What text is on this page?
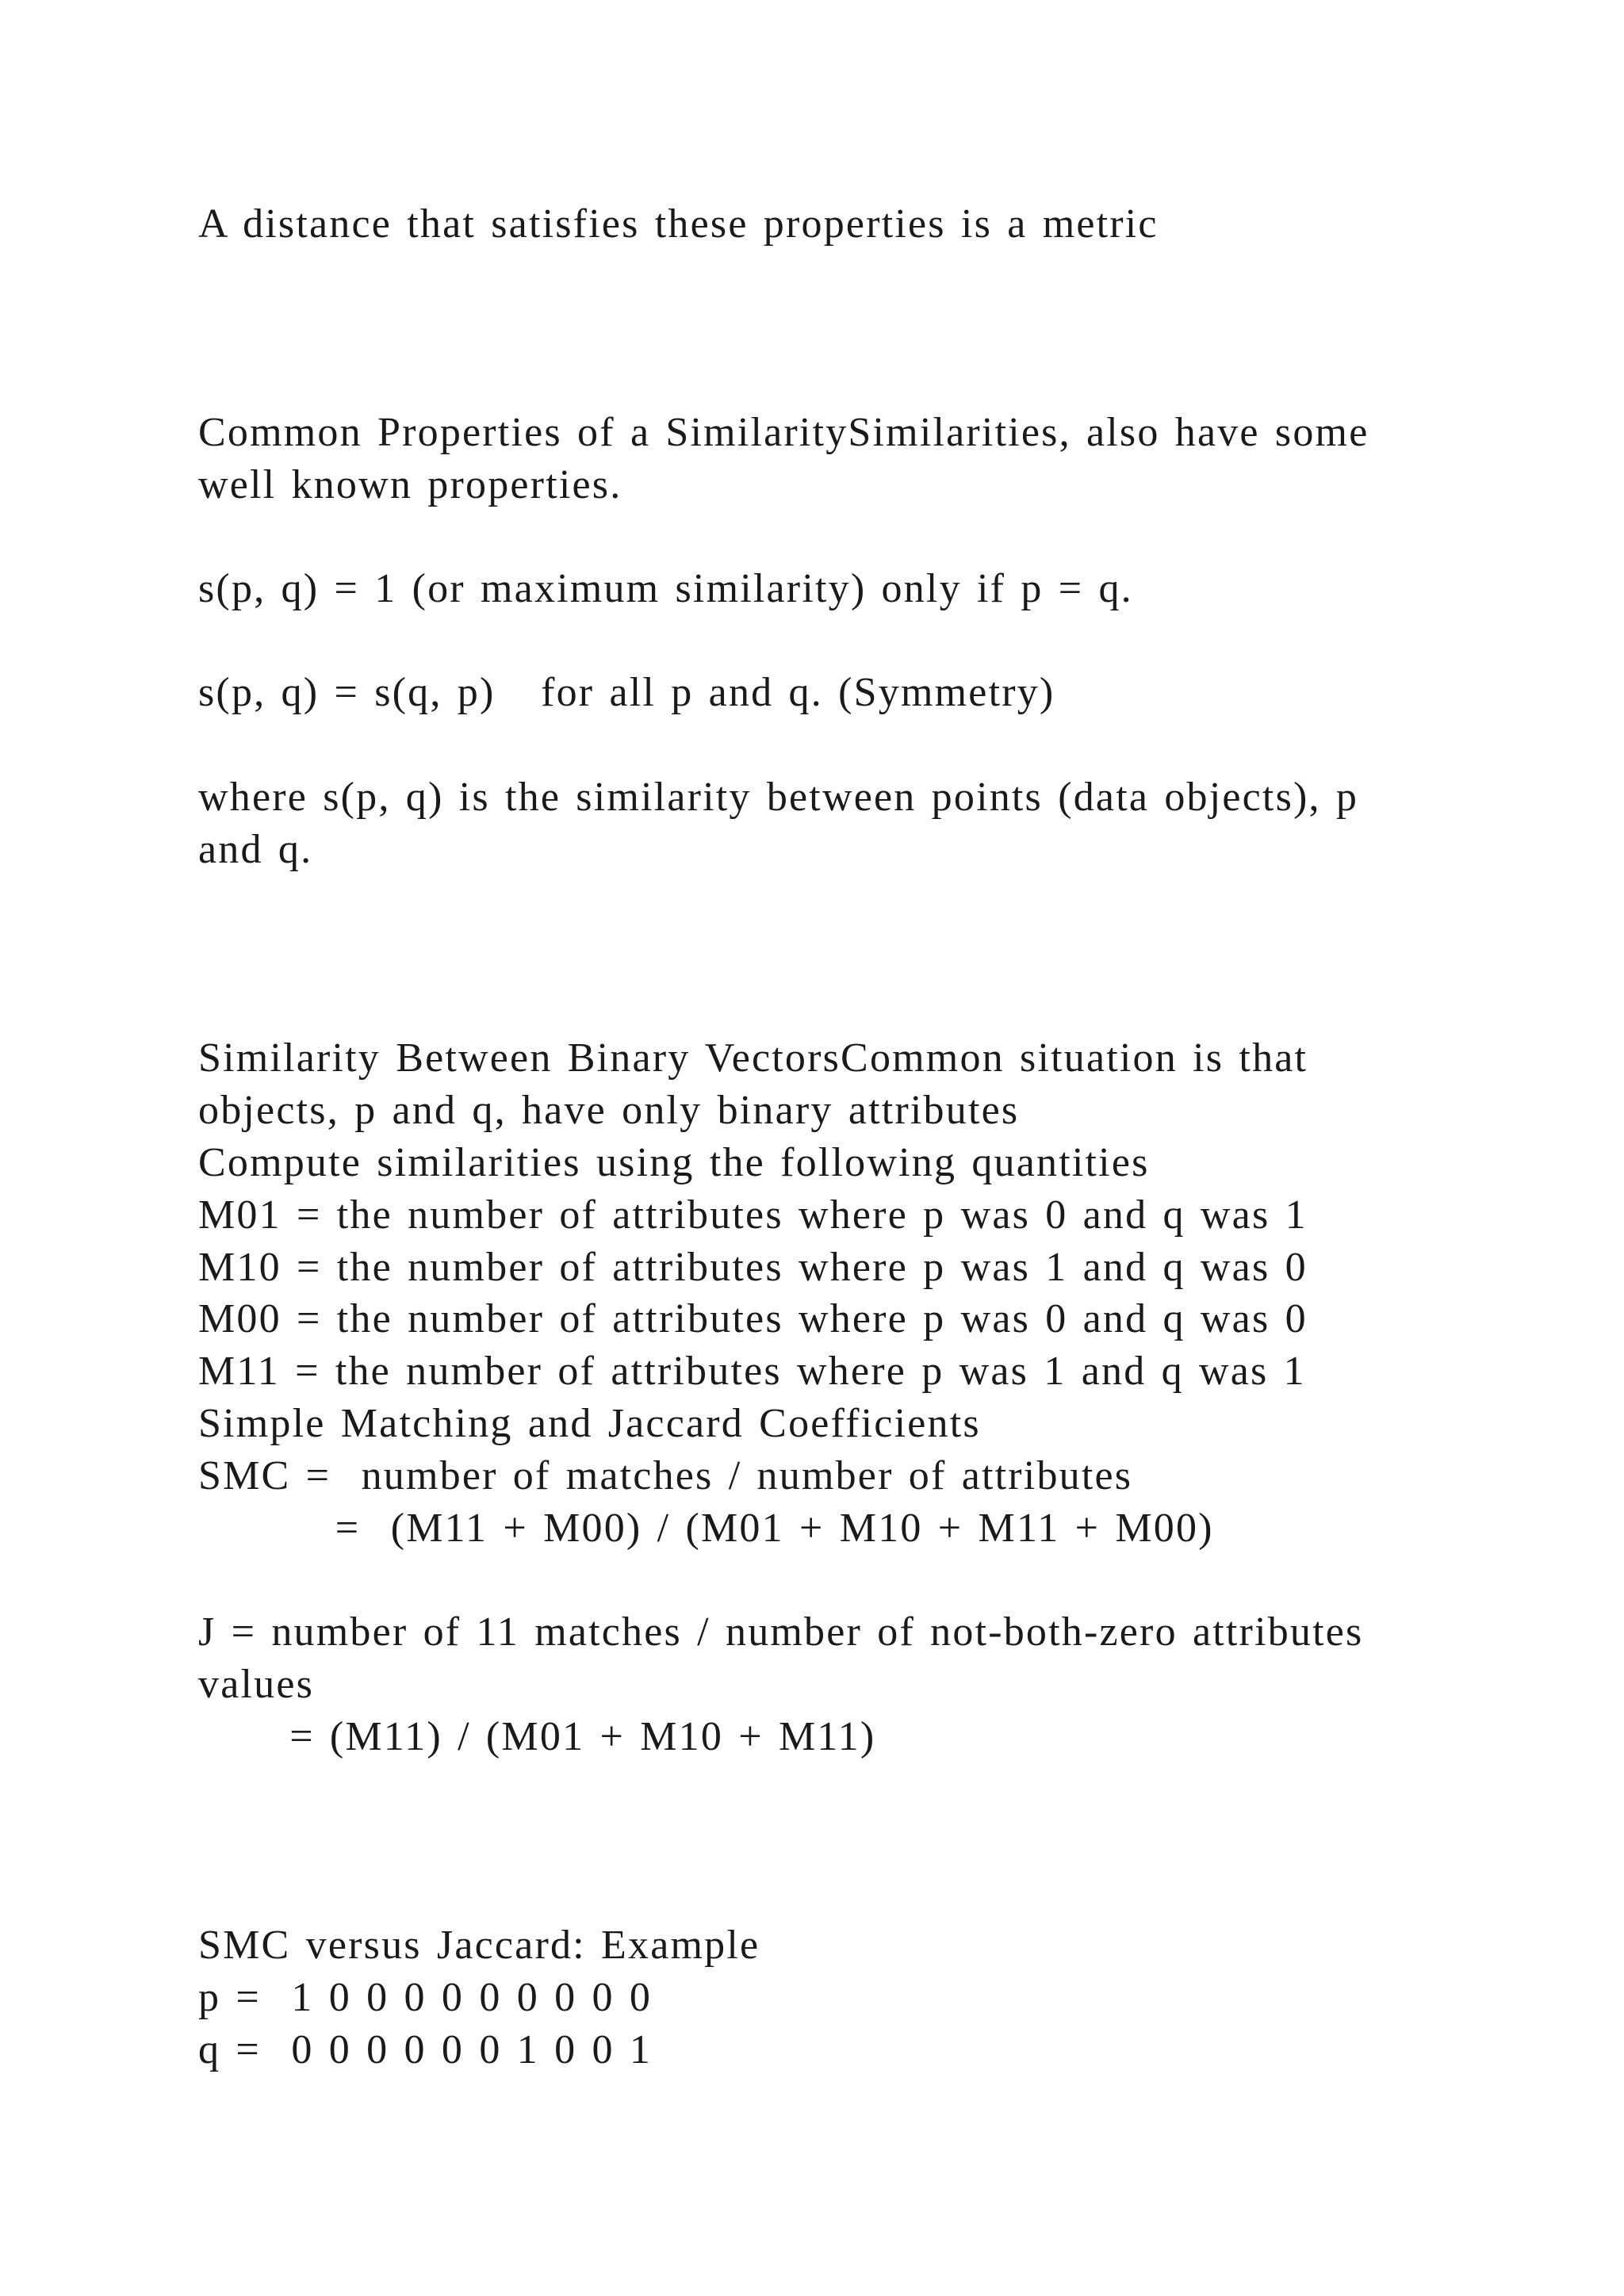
A distance that satisfies these properties is a metric

Common Properties of a SimilaritySimilarities, also have some

well known properties.

s(p, q) = 1 (or maximum similarity) only if p = q.

s(p, q) = s(q, p)   for all p and q. (Symmetry)

where s(p, q) is the similarity between points (data objects), p

and q.

Similarity Between Binary VectorsCommon situation is that

objects, p and q, have only binary attributes

Compute similarities using the following quantities

M01 = the number of attributes where p was 0 and q was 1

M10 = the number of attributes where p was 1 and q was 0

M00 = the number of attributes where p was 0 and q was 0

M11 = the number of attributes where p was 1 and q was 1

Simple Matching and Jaccard Coefficients

SMC =  number of matches / number of attributes

=  (M11 + M00) / (M01 + M10 + M11 + M00)

J = number of 11 matches / number of not-both-zero attributes

values

= (M11) / (M01 + M10 + M11)

SMC versus Jaccard: Example

p =  1 0 0 0 0 0 0 0 0 0

q =  0 0 0 0 0 0 1 0 0 1
